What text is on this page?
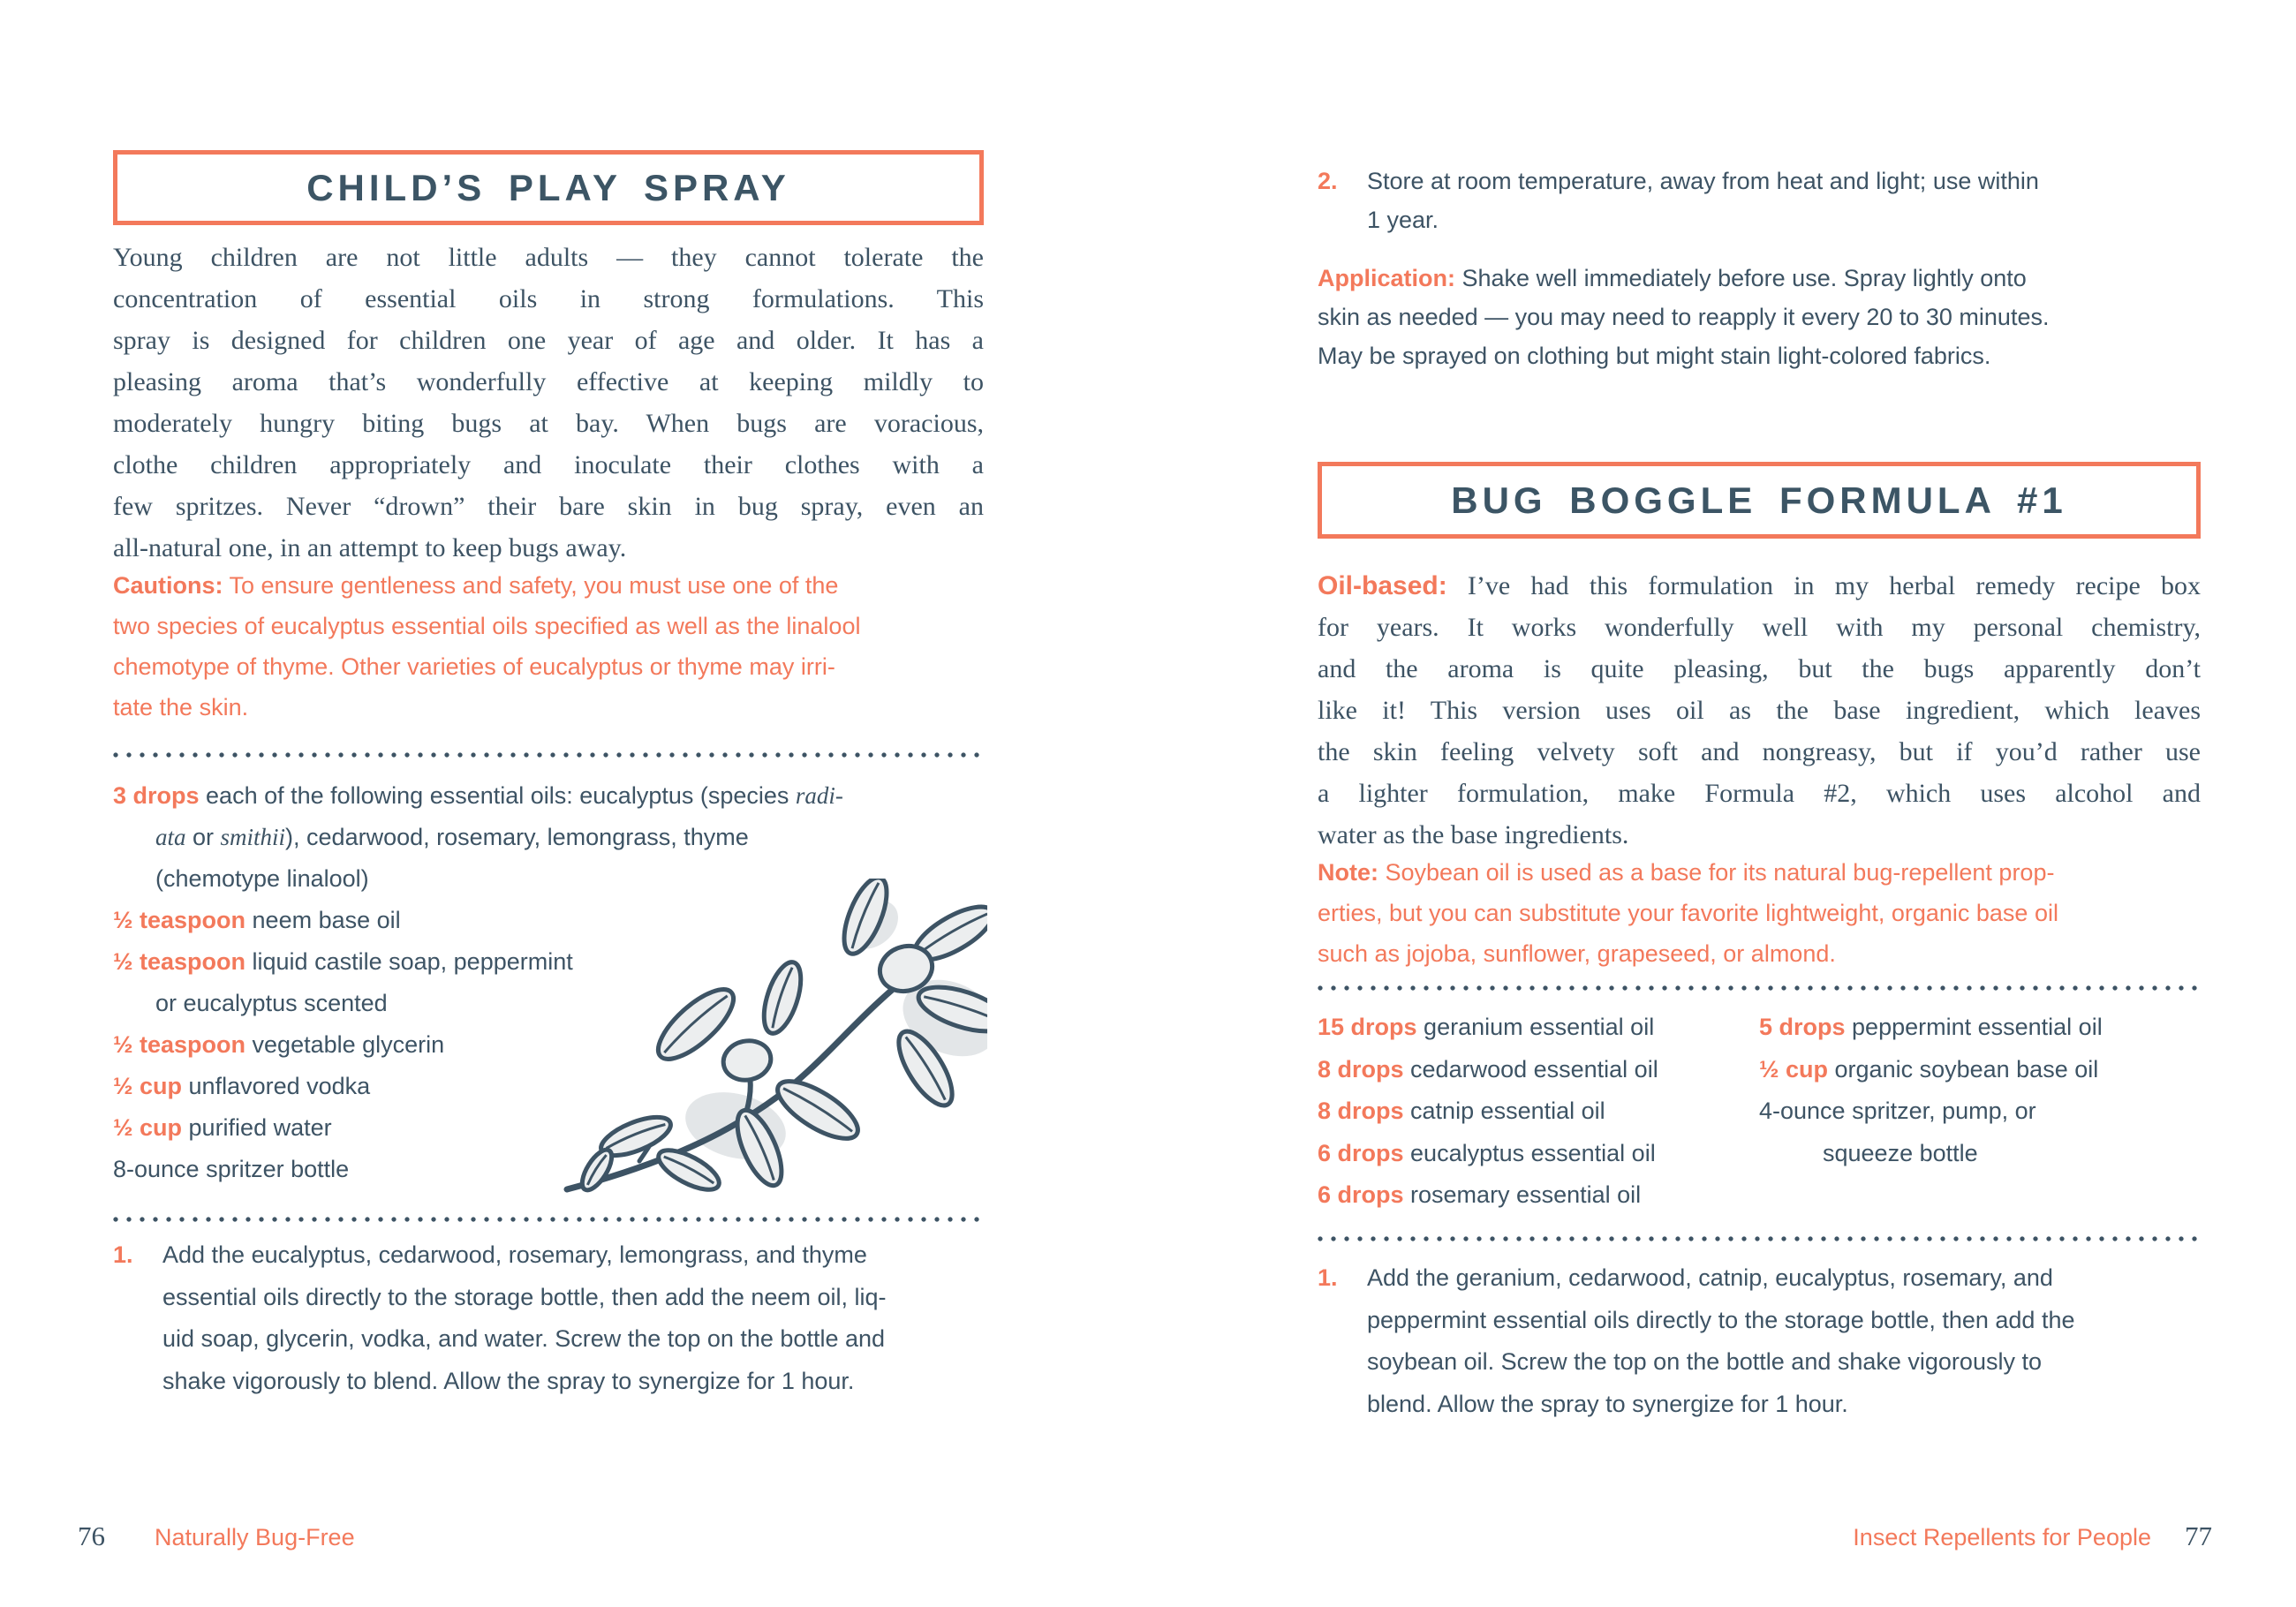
CHILD’S PLAY SPRAY
Young children are not little adults — they cannot tolerate the
concentration of essential oils in strong formulations. This
spray is designed for children one year of age and older. It has a
pleasing aroma that’s wonderfully effective at keeping mildly to
moderately hungry biting bugs at bay. When bugs are voracious,
clothe children appropriately and inoculate their clothes with a
few spritzes. Never “drown” their bare skin in bug spray, even an
all-natural one, in an attempt to keep bugs away.
Cautions: To ensure gentleness and safety, you must use one of the
two species of eucalyptus essential oils specified as well as the linalool
chemotype of thyme. Other varieties of eucalyptus or thyme may irri-
tate the skin.
3 drops each of the following essential oils: eucalyptus (species radi-
ata or smithii), cedarwood, rosemary, lemongrass, thyme
(chemotype linalool)
½ teaspoon neem base oil
½ teaspoon liquid castile soap, peppermint
or eucalyptus scented
½ teaspoon vegetable glycerin
½ cup unflavored vodka
½ cup purified water
8-ounce spritzer bottle
1.	Add the eucalyptus, cedarwood, rosemary, lemongrass, and thyme
essential oils directly to the storage bottle, then add the neem oil, liq-
uid soap, glycerin, vodka, and water. Screw the top on the bottle and
shake vigorously to blend. Allow the spray to synergize for 1 hour.
76 Naturally Bug-Free
2.	Store at room temperature, away from heat and light; use within
1 year.
Application: Shake well immediately before use. Spray lightly onto
skin as needed — you may need to reapply it every 20 to 30 minutes.
May be sprayed on clothing but might stain light-colored fabrics.
BUG BOGGLE FORMULA #1
Oil-based: I’ve had this formulation in my herbal remedy recipe box
for years. It works wonderfully well with my personal chemistry,
and the aroma is quite pleasing, but the bugs apparently don’t
like it! This version uses oil as the base ingredient, which leaves
the skin feeling velvety soft and nongreasy, but if you’d rather use
a lighter formulation, make Formula #2, which uses alcohol and
water as the base ingredients.
Note: Soybean oil is used as a base for its natural bug-repellent prop-
erties, but you can substitute your favorite lightweight, organic base oil
such as jojoba, sunflower, grapeseed, or almond.
15 drops geranium essential oil
8 drops cedarwood essential oil
8 drops catnip essential oil
6 drops eucalyptus essential oil
6 drops rosemary essential oil
5 drops peppermint essential oil
½ cup organic soybean base oil
4-ounce spritzer, pump, or
squeeze bottle
1.	Add the geranium, cedarwood, catnip, eucalyptus, rosemary, and
peppermint essential oils directly to the storage bottle, then add the
soybean oil. Screw the top on the bottle and shake vigorously to
blend. Allow the spray to synergize for 1 hour.
Insect Repellents for People 77
